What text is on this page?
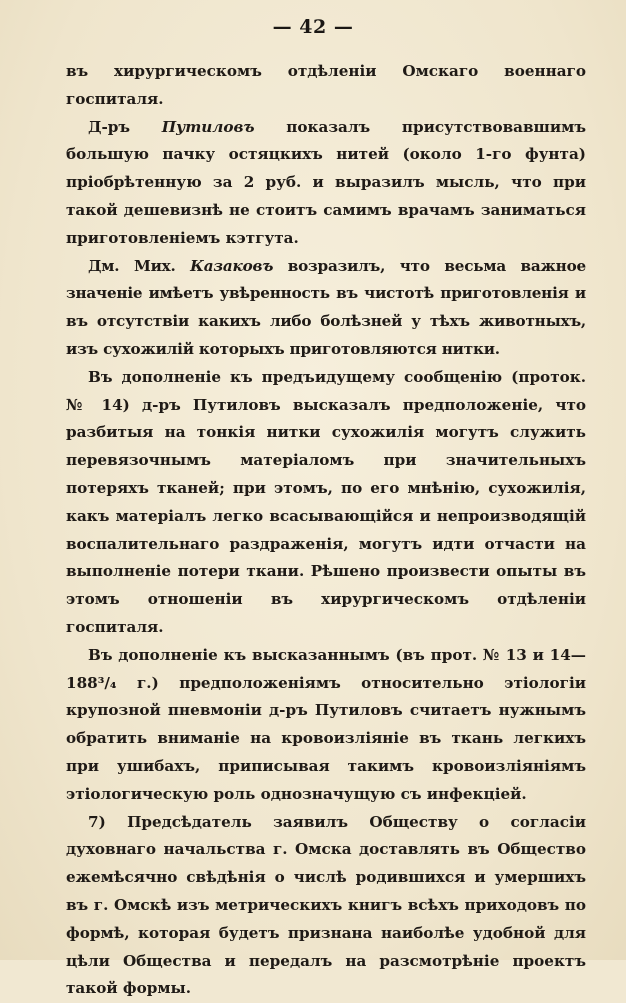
— 42 —

въ хирургическомъ отдѣленіи Омскаго военнаго госпиталя.

Д-ръ Путиловъ показалъ присутствовавшимъ большую пачку остяцкихъ нитей (около 1-го фунта) пріобрѣтенную за 2 руб. и выразилъ мысль, что при такой дешевизнѣ не стоитъ самимъ врачамъ заниматься приготовленіемъ кэтгута.

Дм. Мих. Казаковъ возразилъ, что весьма важное значеніе имѣетъ увѣренность въ чистотѣ приготовленія и въ отсутствіи какихъ либо болѣзней у тѣхъ животныхъ, изъ сухожилій которыхъ приготовляются нитки.

Въ дополненіе къ предъидущему сообщенію (проток. № 14) д-ръ Путиловъ высказалъ предположеніе, что разбитыя на тонкія нитки сухожилія могутъ служить перевязочнымъ матеріаломъ при значительныхъ потеряхъ тканей; при этомъ, по его мнѣнію, сухожилія, какъ матеріалъ легко всасывающійся и непроизводящій воспалительнаго раздраженія, могутъ идти отчасти на выполненіе потери ткани. Рѣшено произвести опыты въ этомъ отношеніи въ хирургическомъ отдѣленіи госпиталя.

Въ дополненіе къ высказаннымъ (въ прот. № 13 и 14— 188³/₄ г.) предположеніямъ относительно этіологіи крупозной пневмоніи д-ръ Путиловъ считаетъ нужнымъ обратить вниманіе на кровоизліяніе въ ткань легкихъ при ушибахъ, приписывая такимъ кровоизліяніямъ этіологическую роль однозначущую съ инфекціей.

7) Предсѣдатель заявилъ Обществу о согласіи духовнаго начальства г. Омска доставлять въ Общество ежемѣсячно свѣдѣнія о числѣ родившихся и умершихъ въ г. Омскѣ изъ метрическихъ книгъ всѣхъ приходовъ по формѣ, которая будетъ признана наиболѣе удобной для цѣли Общества и передалъ на разсмотрѣніе проектъ такой формы.
